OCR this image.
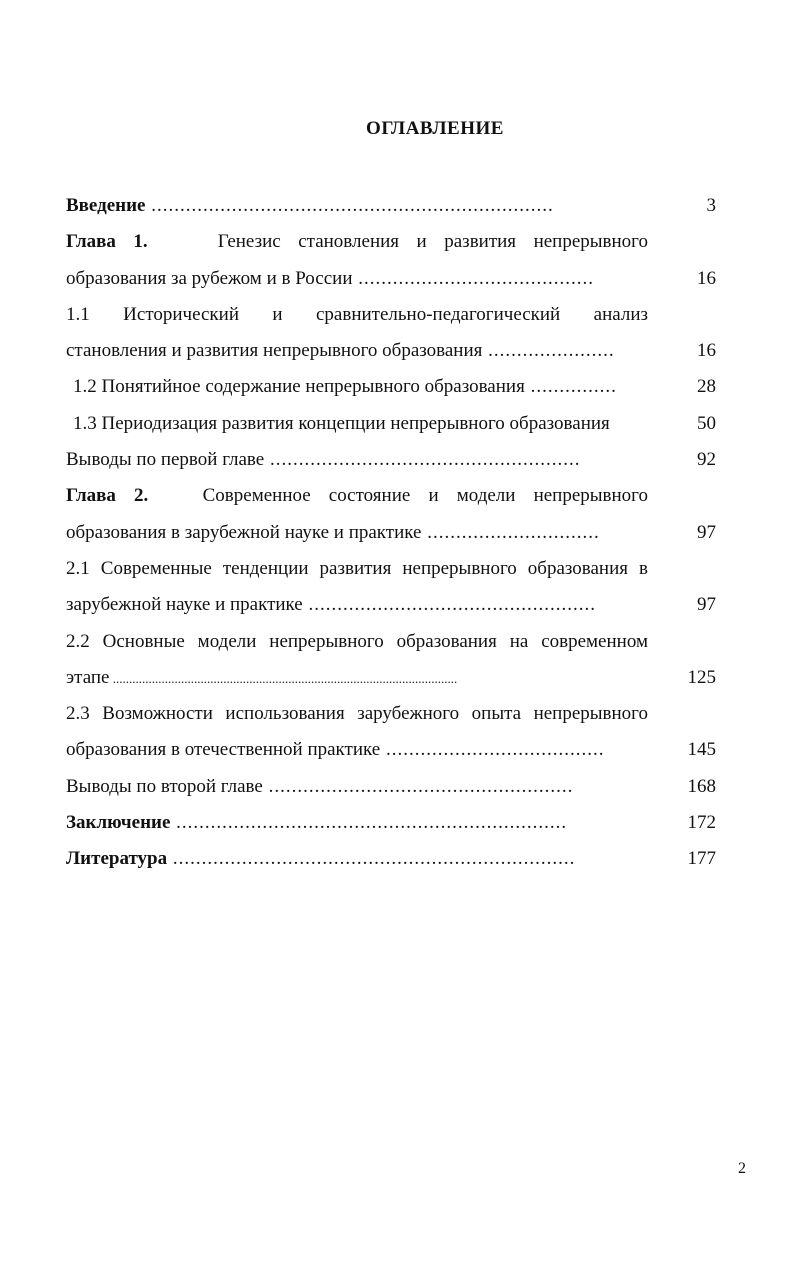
ОГЛАВЛЕНИЕ
Введение ......................................................................	3
Глава 1.	Генезис становления и развития непрерывного
образования за рубежом и в России .........................................	16
1.1 Исторический и сравнительно-педагогический анализ
становления и развития непрерывного образования ......................	16
1.2 Понятийное содержание непрерывного образования ...............	28
1.3 Периодизация развития концепции непрерывного образования	50
Выводы по первой главе ......................................................	92
Глава 2.	Современное состояние и модели непрерывного
образования в зарубежной науке и практике ..............................	97
2.1 Современные тенденции развития непрерывного образования в
зарубежной науке и практике ..................................................	97
2.2 Основные модели непрерывного образования на современном
этапе ..........................................................................................................	125
2.3 Возможности использования зарубежного опыта непрерывного
образования в отечественной практике ......................................	145
Выводы по второй главе .....................................................	168
Заключение ....................................................................	172
Литература ......................................................................	177
2
